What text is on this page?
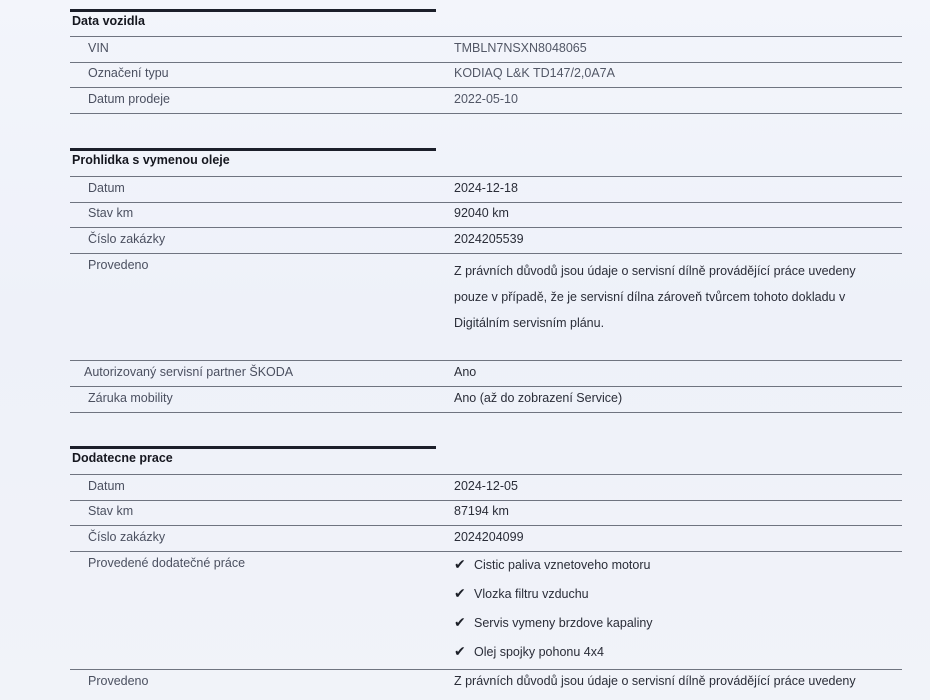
Data vozidla
VIN	TMBLN7NSXN8048065
Označení typu	KODIAQ L&K TD147/2,0A7A
Datum prodeje	2022-05-10
Prohlidka s vymenou oleje
Datum	2024-12-18
Stav km	92040 km
Číslo zakázky	2024205539
Provedeno	Z právních důvodů jsou údaje o servisní dílně provádějící práce uvedeny
pouze v případě, že je servisní dílna zároveň tvůrcem tohoto dokladu v
Digitálním servisním plánu.
Autorizovaný servisní partner ŠKODA	Ano
Záruka mobility	Ano (až do zobrazení Service)
Dodatecne prace
Datum	2024-12-05
Stav km	87194 km
Číslo zakázky	2024204099
Provedené dodatečné práce	✔ Cistic paliva vznetoveho motoru
✔ Vlozka filtru vzduchu
✔ Servis vymeny brzdove kapaliny
✔ Olej spojky pohonu 4x4
Provedeno	Z právních důvodů jsou údaje o servisní dílně provádějící práce uvedeny
